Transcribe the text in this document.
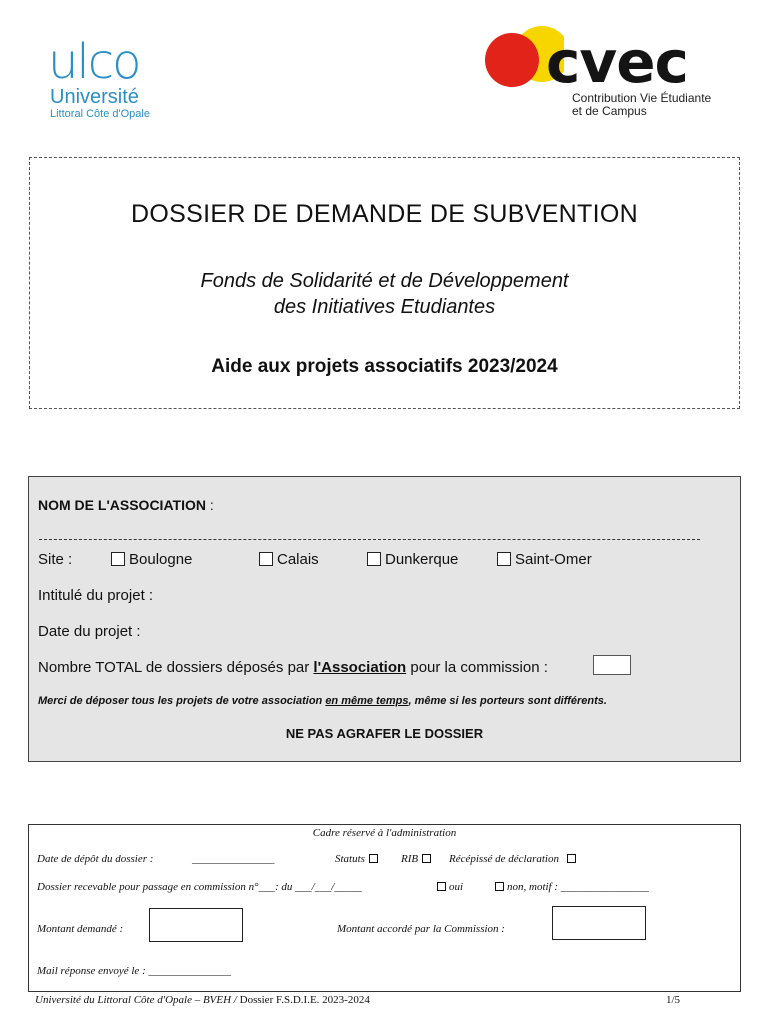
ulco
Université
Littoral Côte d'Opale
cvec
Contribution Vie Étudiante
et de Campus
DOSSIER DE DEMANDE DE SUBVENTION
Fonds de Solidarité et de Développement
des Initiatives Etudiantes
Aide aux projets associatifs 2023/2024
NOM DE L'ASSOCIATION :
Site :	Boulogne	Calais	Dunkerque	Saint-Omer
Intitulé du projet :
Date du projet :
Nombre TOTAL de dossiers déposés par l'Association pour la commission :
Merci de déposer tous les projets de votre association en même temps, même si les porteurs sont différents.
NE PAS AGRAFER LE DOSSIER
Cadre réservé à l'administration
Date de dépôt du dossier :	_______________	Statuts	RIB	Récépissé de déclaration
Dossier recevable pour passage en commission n°___: du ___/___/_____	oui	non, motif : ________________
Montant demandé :	Montant accordé par la Commission :
Mail réponse envoyé le : _______________
Université du Littoral Côte d'Opale – BVEH / Dossier F.S.D.I.E. 2023-2024	1/5
